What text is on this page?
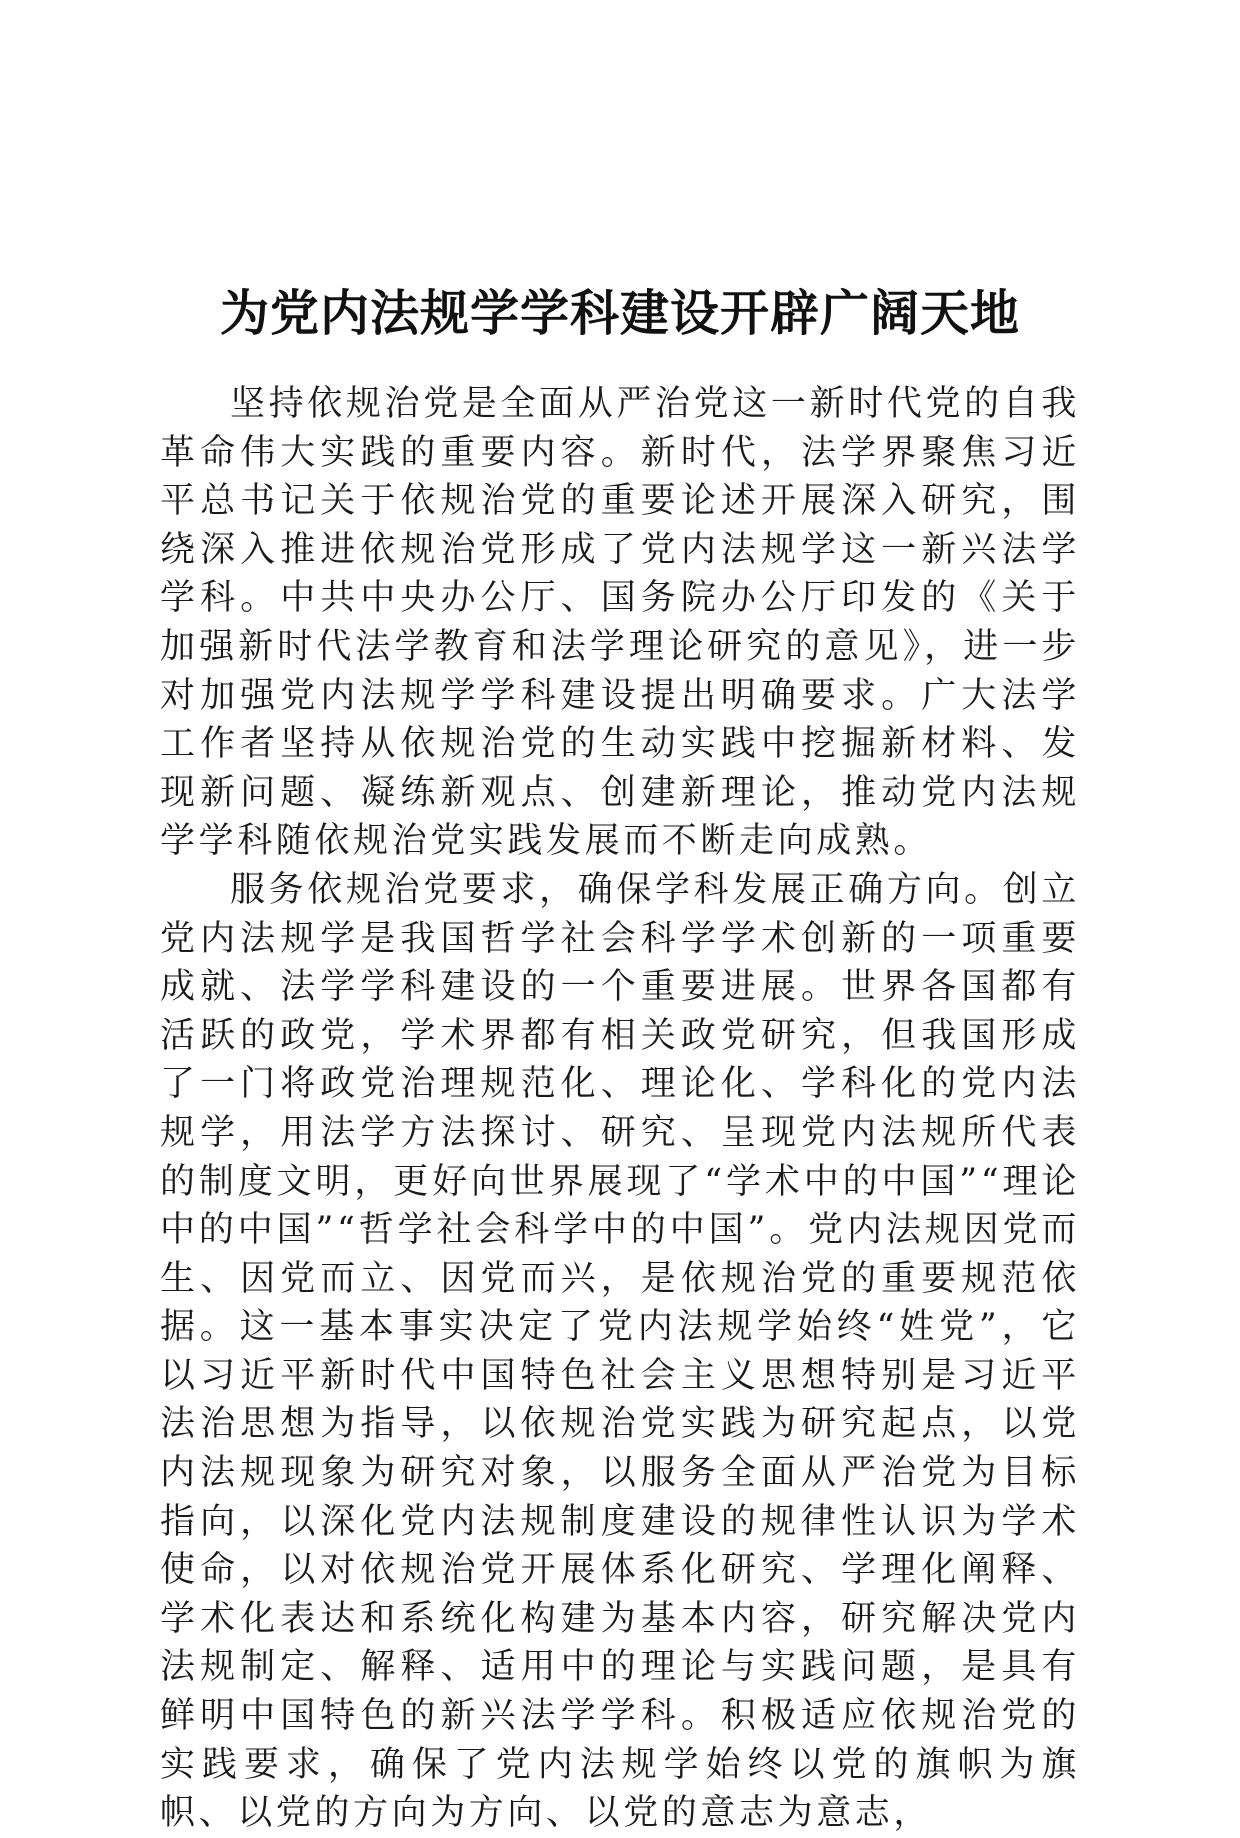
为党内法规学学科建设开辟广阔天地

坚持依规治党是全面从严治党这一新时代党的自我革命伟大实践的重要内容。新时代，法学界聚焦习近平总书记关于依规治党的重要论述开展深入研究，围绕深入推进依规治党形成了党内法规学这一新兴法学学科。中共中央办公厅、国务院办公厅印发的《关于加强新时代法学教育和法学理论研究的意见》，进一步对加强党内法规学学科建设提出明确要求。广大法学工作者坚持从依规治党的生动实践中挖掘新材料、发现新问题、凝练新观点、创建新理论，推动党内法规学学科随依规治党实践发展而不断走向成熟。

服务依规治党要求，确保学科发展正确方向。创立党内法规学是我国哲学社会科学学术创新的一项重要成就、法学学科建设的一个重要进展。世界各国都有活跃的政党，学术界都有相关政党研究，但我国形成了一门将政党治理规范化、理论化、学科化的党内法规学，用法学方法探讨、研究、呈现党内法规所代表的制度文明，更好向世界展现了“学术中的中国”“理论中的中国”“哲学社会科学中的中国”。党内法规因党而生、因党而立、因党而兴，是依规治党的重要规范依据。这一基本事实决定了党内法规学始终“姓党”，它以习近平新时代中国特色社会主义思想特别是习近平法治思想为指导，以依规治党实践为研究起点，以党内法规现象为研究对象，以服务全面从严治党为目标指向，以深化党内法规制度建设的规律性认识为学术使命，以对依规治党开展体系化研究、学理化阐释、学术化表达和系统化构建为基本内容，研究解决党内法规制定、解释、适用中的理论与实践问题，是具有鲜明中国特色的新兴法学学科。积极适应依规治党的实践要求，确保了党内法规学始终以党的旗帜为旗帜、以党的方向为方向、以党的意志为意志，
